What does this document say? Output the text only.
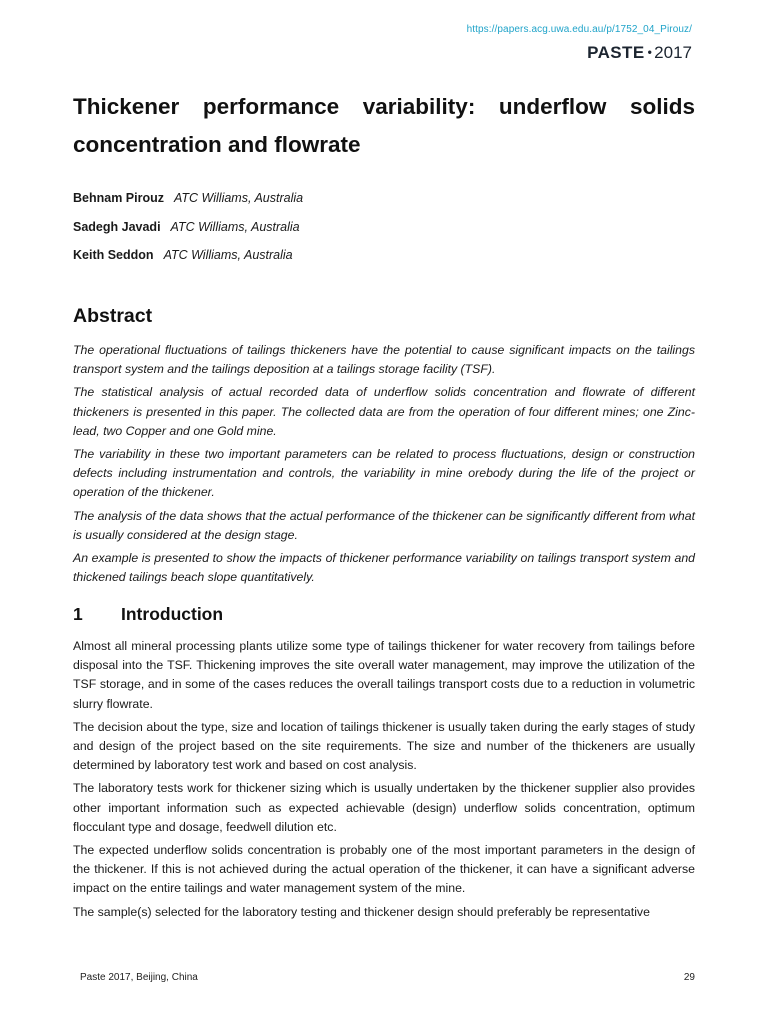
https://papers.acg.uwa.edu.au/p/1752_04_Pirouz/
PASTE • 2017
Thickener performance variability: underflow solids concentration and flowrate
Behnam Pirouz ATC Williams, Australia
Sadegh Javadi ATC Williams, Australia
Keith Seddon ATC Williams, Australia
Abstract

The operational fluctuations of tailings thickeners have the potential to cause significant impacts on the tailings transport system and the tailings deposition at a tailings storage facility (TSF).

The statistical analysis of actual recorded data of underflow solids concentration and flowrate of different thickeners is presented in this paper. The collected data are from the operation of four different mines; one Zinc-lead, two Copper and one Gold mine.

The variability in these two important parameters can be related to process fluctuations, design or construction defects including instrumentation and controls, the variability in mine orebody during the life of the project or operation of the thickener.

The analysis of the data shows that the actual performance of the thickener can be significantly different from what is usually considered at the design stage.

An example is presented to show the impacts of thickener performance variability on tailings transport system and thickened tailings beach slope quantitatively.

1 Introduction

Almost all mineral processing plants utilize some type of tailings thickener for water recovery from tailings before disposal into the TSF. Thickening improves the site overall water management, may improve the utilization of the TSF storage, and in some of the cases reduces the overall tailings transport costs due to a reduction in volumetric slurry flowrate.

The decision about the type, size and location of tailings thickener is usually taken during the early stages of study and design of the project based on the site requirements. The size and number of the thickeners are usually determined by laboratory test work and based on cost analysis.

The laboratory tests work for thickener sizing which is usually undertaken by the thickener supplier also provides other important information such as expected achievable (design) underflow solids concentration, optimum flocculant type and dosage, feedwell dilution etc.

The expected underflow solids concentration is probably one of the most important parameters in the design of the thickener. If this is not achieved during the actual operation of the thickener, it can have a significant adverse impact on the entire tailings and water management system of the mine.

The sample(s) selected for the laboratory testing and thickener design should preferably be representative

Paste 2017, Beijing, China	29
